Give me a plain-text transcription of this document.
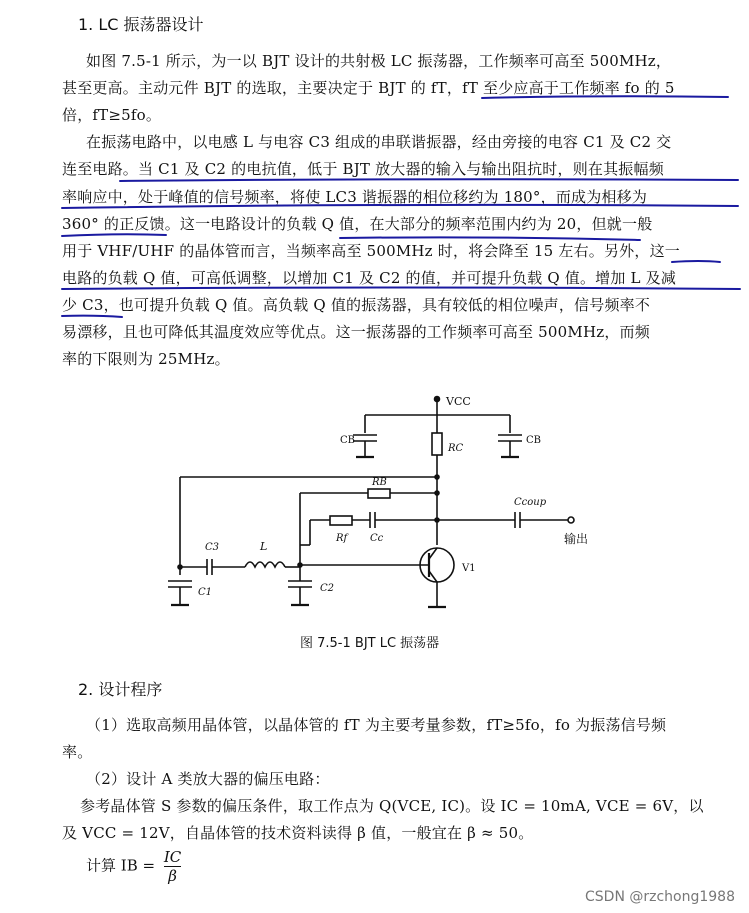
1. LC 振荡器设计
如图 7.5-1 所示，为一以 BJT 设计的共射极 LC 振荡器，工作频率可高至 500MHz，
甚至更高。主动元件 BJT 的选取，主要决定于 BJT 的 fT，fT 至少应高于工作频率 fo 的 5
倍，fT≥5fo。
在振荡电路中，以电感 L 与电容 C3 组成的串联谐振器，经由旁接的电容 C1 及 C2 交
连至电路。当 C1 及 C2 的电抗值，低于 BJT 放大器的输入与输出阻抗时，则在其振幅频
率响应中，处于峰值的信号频率，将使 LC3 谐振器的相位移约为 180°，而成为相移为
360° 的正反馈。这一电路设计的负载 Q 值，在大部分的频率范围内约为 20，但就一般
用于 VHF/UHF 的晶体管而言，当频率高至 500MHz 时，将会降至 15 左右。另外，这一
电路的负载 Q 值，可高低调整，以增加 C1 及 C2 的值，并可提升负载 Q 值。增加 L 及减
少 C3，也可提升负载 Q 值。高负载 Q 值的振荡器，具有较低的相位噪声，信号频率不
易漂移，且也可降低其温度效应等优点。这一振荡器的工作频率可高至 500MHz，而频
率的下限则为 25MHz。
VCC
CB	CB
RC
RB
Rf Cc
Ccoup
输出
V1
C1
C3	L
C2
图 7.5-1 BJT LC 振荡器
2. 设计程序
（1）选取高频用晶体管，以晶体管的 fT 为主要考量参数，fT≥5fo，fo 为振荡信号频
率。
（2）设计 A 类放大器的偏压电路：
参考晶体管 S 参数的偏压条件，取工作点为 Q(VCE, IC)。设 IC = 10mA, VCE = 6V，以
及 VCC = 12V，自晶体管的技术资料读得 β 值，一般宜在 β ≈ 50。
计算 IB = $\frac{IC}{\beta}$
CSDN @rzchong1988
